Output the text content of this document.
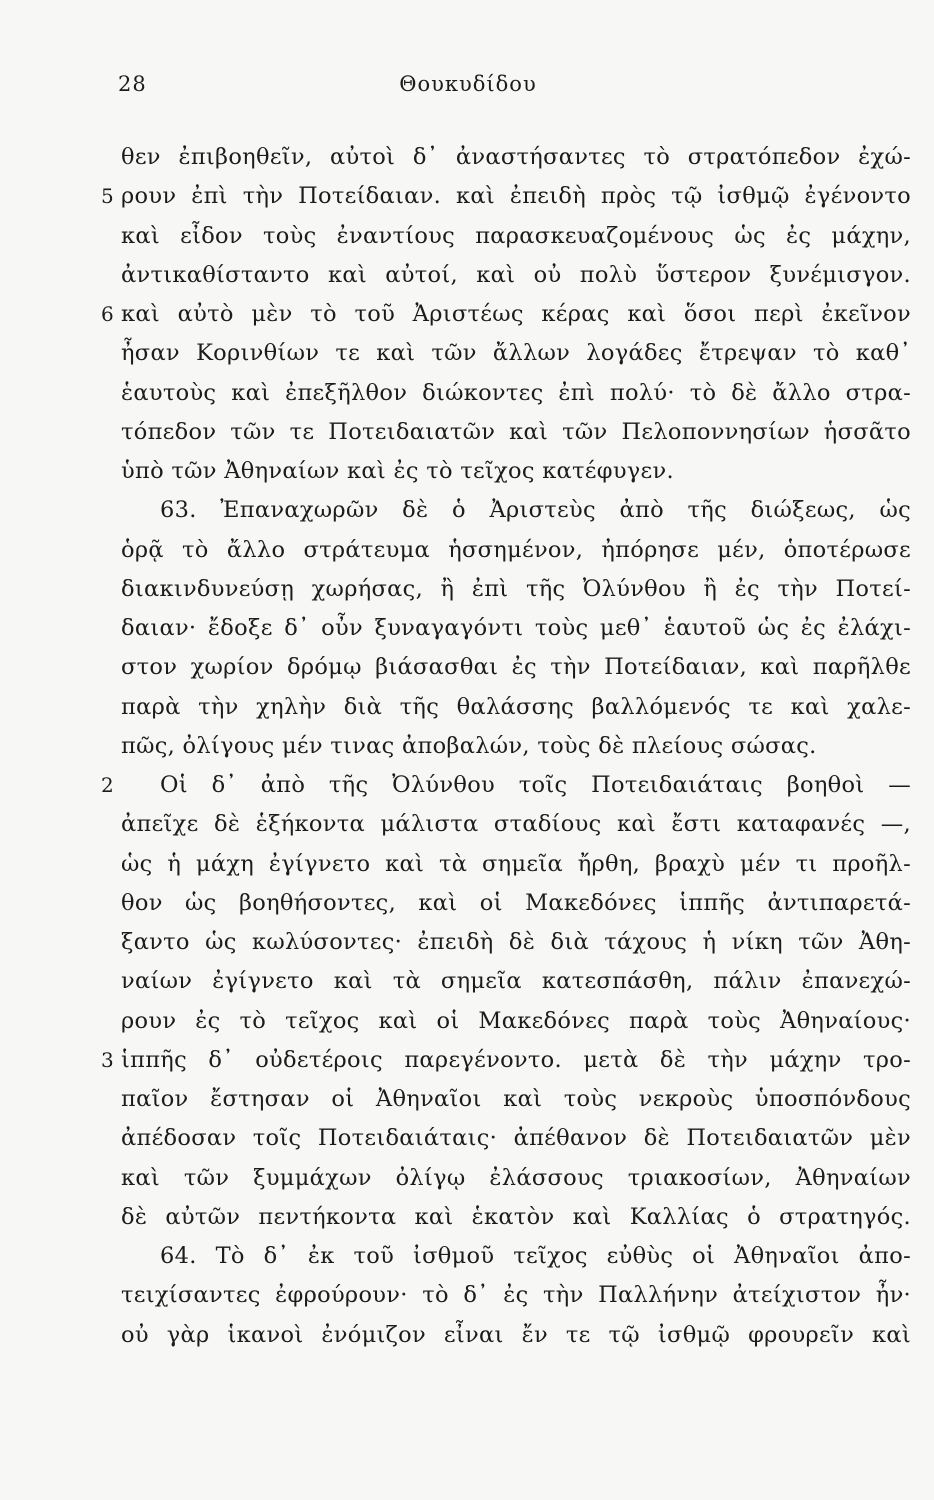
28	Θουκυδίδου
θεν ἐπιβοηθεῖν, αὐτοὶ δ᾽ ἀναστήσαντες τὸ στρατόπεδον ἐχώ-
5 ρουν ἐπὶ τὴν Ποτείδαιαν. καὶ ἐπειδὴ πρὸς τῷ ἰσθμῷ ἐγένοντο
καὶ εἶδον τοὺς ἐναντίους παρασκευαζομένους ὡς ἐς μάχην,
ἀντικαθίσταντο καὶ αὐτοί, καὶ οὐ πολὺ ὕστερον ξυνέμισγον.
6 καὶ αὐτὸ μὲν τὸ τοῦ Ἀριστέως κέρας καὶ ὅσοι περὶ ἐκεῖνον
ἦσαν Κορινθίων τε καὶ τῶν ἄλλων λογάδες ἔτρεψαν τὸ καθ᾽
ἑαυτοὺς καὶ ἐπεξῆλθον διώκοντες ἐπὶ πολύ· τὸ δὲ ἄλλο στρα-
τόπεδον τῶν τε Ποτειδαιατῶν καὶ τῶν Πελοποννησίων ἡσσᾶτο
ὑπὸ τῶν Ἀθηναίων καὶ ἐς τὸ τεῖχος κατέφυγεν.
63. Ἐπαναχωρῶν δὲ ὁ Ἀριστεὺς ἀπὸ τῆς διώξεως, ὡς
ὁρᾷ τὸ ἄλλο στράτευμα ἡσσημένον, ἠπόρησε μέν, ὁποτέρωσε
διακινδυνεύσῃ χωρήσας, ἢ ἐπὶ τῆς Ὀλύνθου ἢ ἐς τὴν Ποτεί-
δαιαν· ἔδοξε δ᾽ οὖν ξυναγαγόντι τοὺς μεθ᾽ ἑαυτοῦ ὡς ἐς ἐλάχι-
στον χωρίον δρόμῳ βιάσασθαι ἐς τὴν Ποτείδαιαν, καὶ παρῆλθε
παρὰ τὴν χηλὴν διὰ τῆς θαλάσσης βαλλόμενός τε καὶ χαλε-
πῶς, ὀλίγους μέν τινας ἀποβαλών, τοὺς δὲ πλείους σώσας.
2	Οἱ δ᾽ ἀπὸ τῆς Ὀλύνθου τοῖς Ποτειδαιάταις βοηθοὶ —
ἀπεῖχε δὲ ἑξήκοντα μάλιστα σταδίους καὶ ἔστι καταφανές —,
ὡς ἡ μάχη ἐγίγνετο καὶ τὰ σημεῖα ἤρθη, βραχὺ μέν τι προῆλ-
θον ὡς βοηθήσοντες, καὶ οἱ Μακεδόνες ἱππῆς ἀντιπαρετά-
ξαντο ὡς κωλύσοντες· ἐπειδὴ δὲ διὰ τάχους ἡ νίκη τῶν Ἀθη-
ναίων ἐγίγνετο καὶ τὰ σημεῖα κατεσπάσθη, πάλιν ἐπανεχώ-
ρουν ἐς τὸ τεῖχος καὶ οἱ Μακεδόνες παρὰ τοὺς Ἀθηναίους·
3 ἱππῆς δ᾽ οὐδετέροις παρεγένοντο. μετὰ δὲ τὴν μάχην τρο-
παῖον ἔστησαν οἱ Ἀθηναῖοι καὶ τοὺς νεκροὺς ὑποσπόνδους
ἀπέδοσαν τοῖς Ποτειδαιάταις· ἀπέθανον δὲ Ποτειδαιατῶν μὲν
καὶ τῶν ξυμμάχων ὀλίγῳ ἐλάσσους τριακοσίων, Ἀθηναίων
δὲ αὐτῶν πεντήκοντα καὶ ἑκατὸν καὶ Καλλίας ὁ στρατηγός.
64. Τὸ δ᾽ ἐκ τοῦ ἰσθμοῦ τεῖχος εὐθὺς οἱ Ἀθηναῖοι ἀπο-
τειχίσαντες ἐφρούρουν· τὸ δ᾽ ἐς τὴν Παλλήνην ἀτείχιστον ἦν·
οὐ γὰρ ἱκανοὶ ἐνόμιζον εἶναι ἔν τε τῷ ἰσθμῷ φρουρεῖν καὶ
